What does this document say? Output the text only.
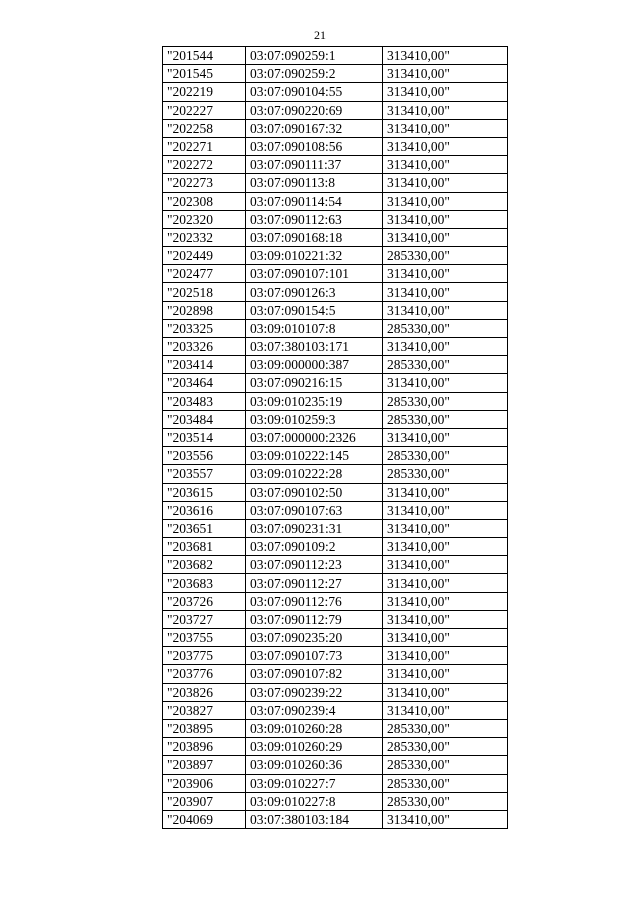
21
"201544	03:07:090259:1	313410,00"
"201545	03:07:090259:2	313410,00"
"202219	03:07:090104:55	313410,00"
"202227	03:07:090220:69	313410,00"
"202258	03:07:090167:32	313410,00"
"202271	03:07:090108:56	313410,00"
"202272	03:07:090111:37	313410,00"
"202273	03:07:090113:8	313410,00"
"202308	03:07:090114:54	313410,00"
"202320	03:07:090112:63	313410,00"
"202332	03:07:090168:18	313410,00"
"202449	03:09:010221:32	285330,00"
"202477	03:07:090107:101	313410,00"
"202518	03:07:090126:3	313410,00"
"202898	03:07:090154:5	313410,00"
"203325	03:09:010107:8	285330,00"
"203326	03:07:380103:171	313410,00"
"203414	03:09:000000:387	285330,00"
"203464	03:07:090216:15	313410,00"
"203483	03:09:010235:19	285330,00"
"203484	03:09:010259:3	285330,00"
"203514	03:07:000000:2326	313410,00"
"203556	03:09:010222:145	285330,00"
"203557	03:09:010222:28	285330,00"
"203615	03:07:090102:50	313410,00"
"203616	03:07:090107:63	313410,00"
"203651	03:07:090231:31	313410,00"
"203681	03:07:090109:2	313410,00"
"203682	03:07:090112:23	313410,00"
"203683	03:07:090112:27	313410,00"
"203726	03:07:090112:76	313410,00"
"203727	03:07:090112:79	313410,00"
"203755	03:07:090235:20	313410,00"
"203775	03:07:090107:73	313410,00"
"203776	03:07:090107:82	313410,00"
"203826	03:07:090239:22	313410,00"
"203827	03:07:090239:4	313410,00"
"203895	03:09:010260:28	285330,00"
"203896	03:09:010260:29	285330,00"
"203897	03:09:010260:36	285330,00"
"203906	03:09:010227:7	285330,00"
"203907	03:09:010227:8	285330,00"
"204069	03:07:380103:184	313410,00"
